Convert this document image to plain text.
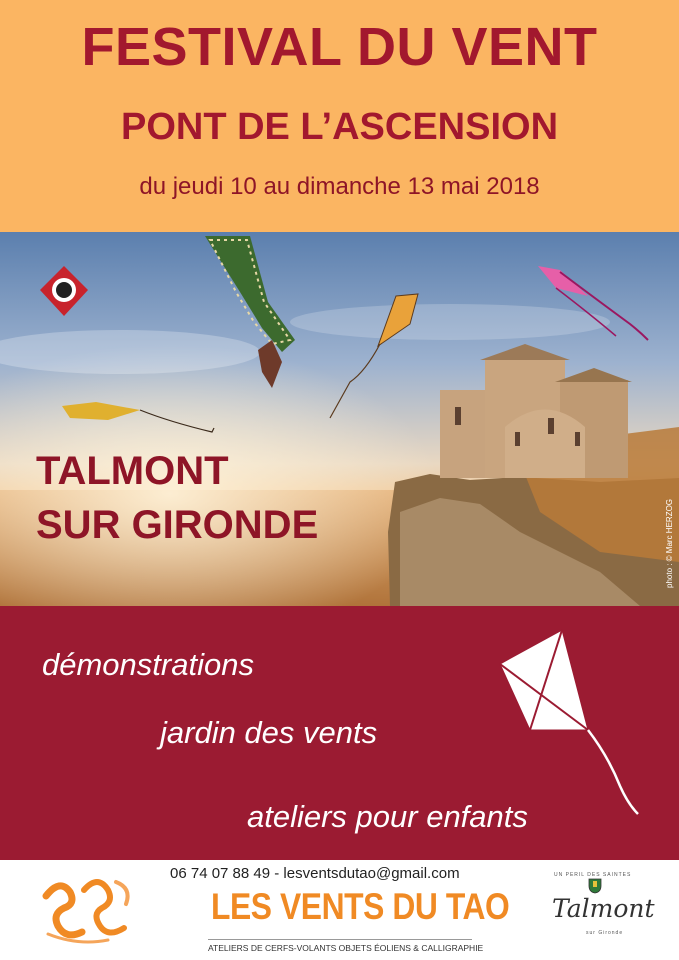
FESTIVAL DU VENT
PONT DE L’ASCENSION

du jeudi 10 au dimanche 13 mai 2018

TALMONT
SUR GIRONDE	photo : © Marc HERZOG

démonstrations

jardin des vents

ateliers pour enfants

06 74 07 88 49 - lesventsdutao@gmail.com
LES VENTS DU TAO
ATELIERS DE CERFS-VOLANTS OBJETS ÉOLIENS & CALLIGRAPHIE
UN PERIL DES SAINTES
Talmont
sur Gironde
